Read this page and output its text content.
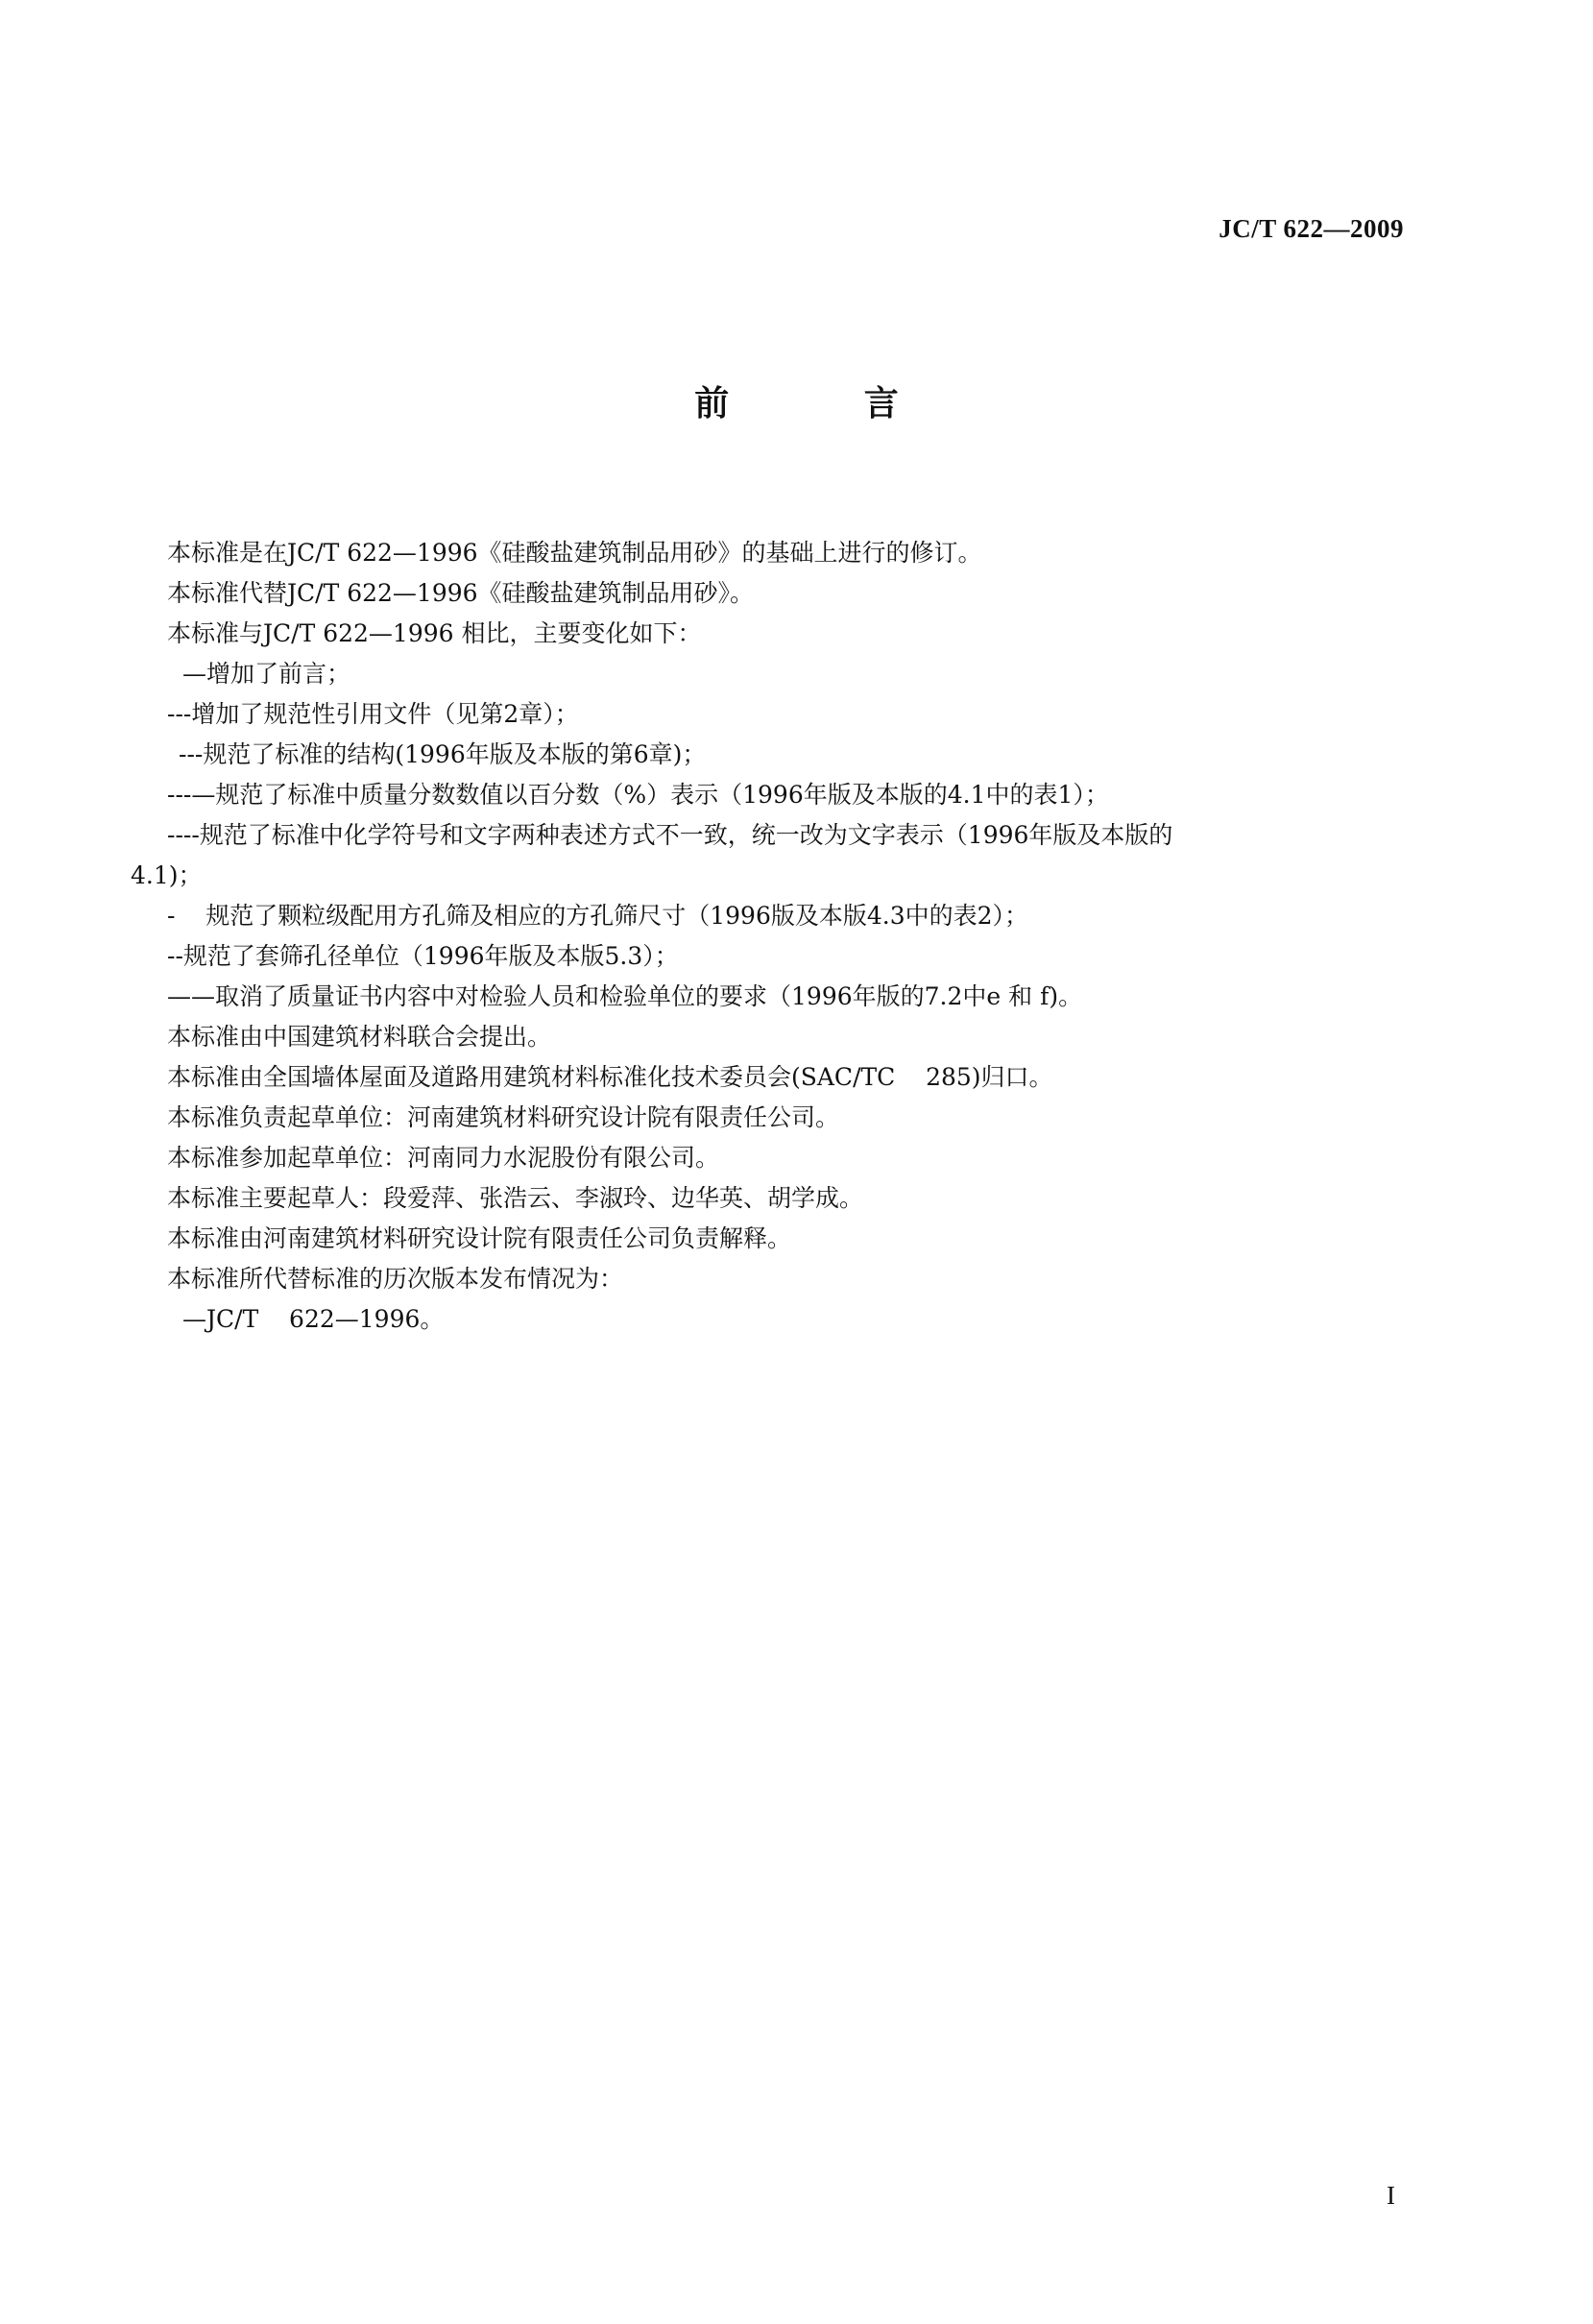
JC/T 622—2009
前 言
本标准是在JC/T 622—1996《硅酸盐建筑制品用砂》的基础上进行的修订。
本标准代替JC/T 622—1996《硅酸盐建筑制品用砂》。
本标准与JC/T 622—1996 相比，主要变化如下：
—增加了前言；
---增加了规范性引用文件（见第2章）；
---规范了标准的结构(1996年版及本版的第6章)；
---—规范了标准中质量分数数值以百分数（%）表示（1996年版及本版的4.1中的表1）；
----规范了标准中化学符号和文字两种表述方式不一致，统一改为文字表示（1996年版及本版的
4.1)；
-    规范了颗粒级配用方孔筛及相应的方孔筛尺寸（1996版及本版4.3中的表2）；
--规范了套筛孔径单位（1996年版及本版5.3）；
——取消了质量证书内容中对检验人员和检验单位的要求（1996年版的7.2中e 和 f)。
本标准由中国建筑材料联合会提出。
本标准由全国墙体屋面及道路用建筑材料标准化技术委员会(SAC/TC    285)归口。
本标准负责起草单位：河南建筑材料研究设计院有限责任公司。
本标准参加起草单位：河南同力水泥股份有限公司。
本标准主要起草人：段爱萍、张浩云、李淑玲、边华英、胡学成。
本标准由河南建筑材料研究设计院有限责任公司负责解释。
本标准所代替标准的历次版本发布情况为：
—JC/T    622—1996。
I
